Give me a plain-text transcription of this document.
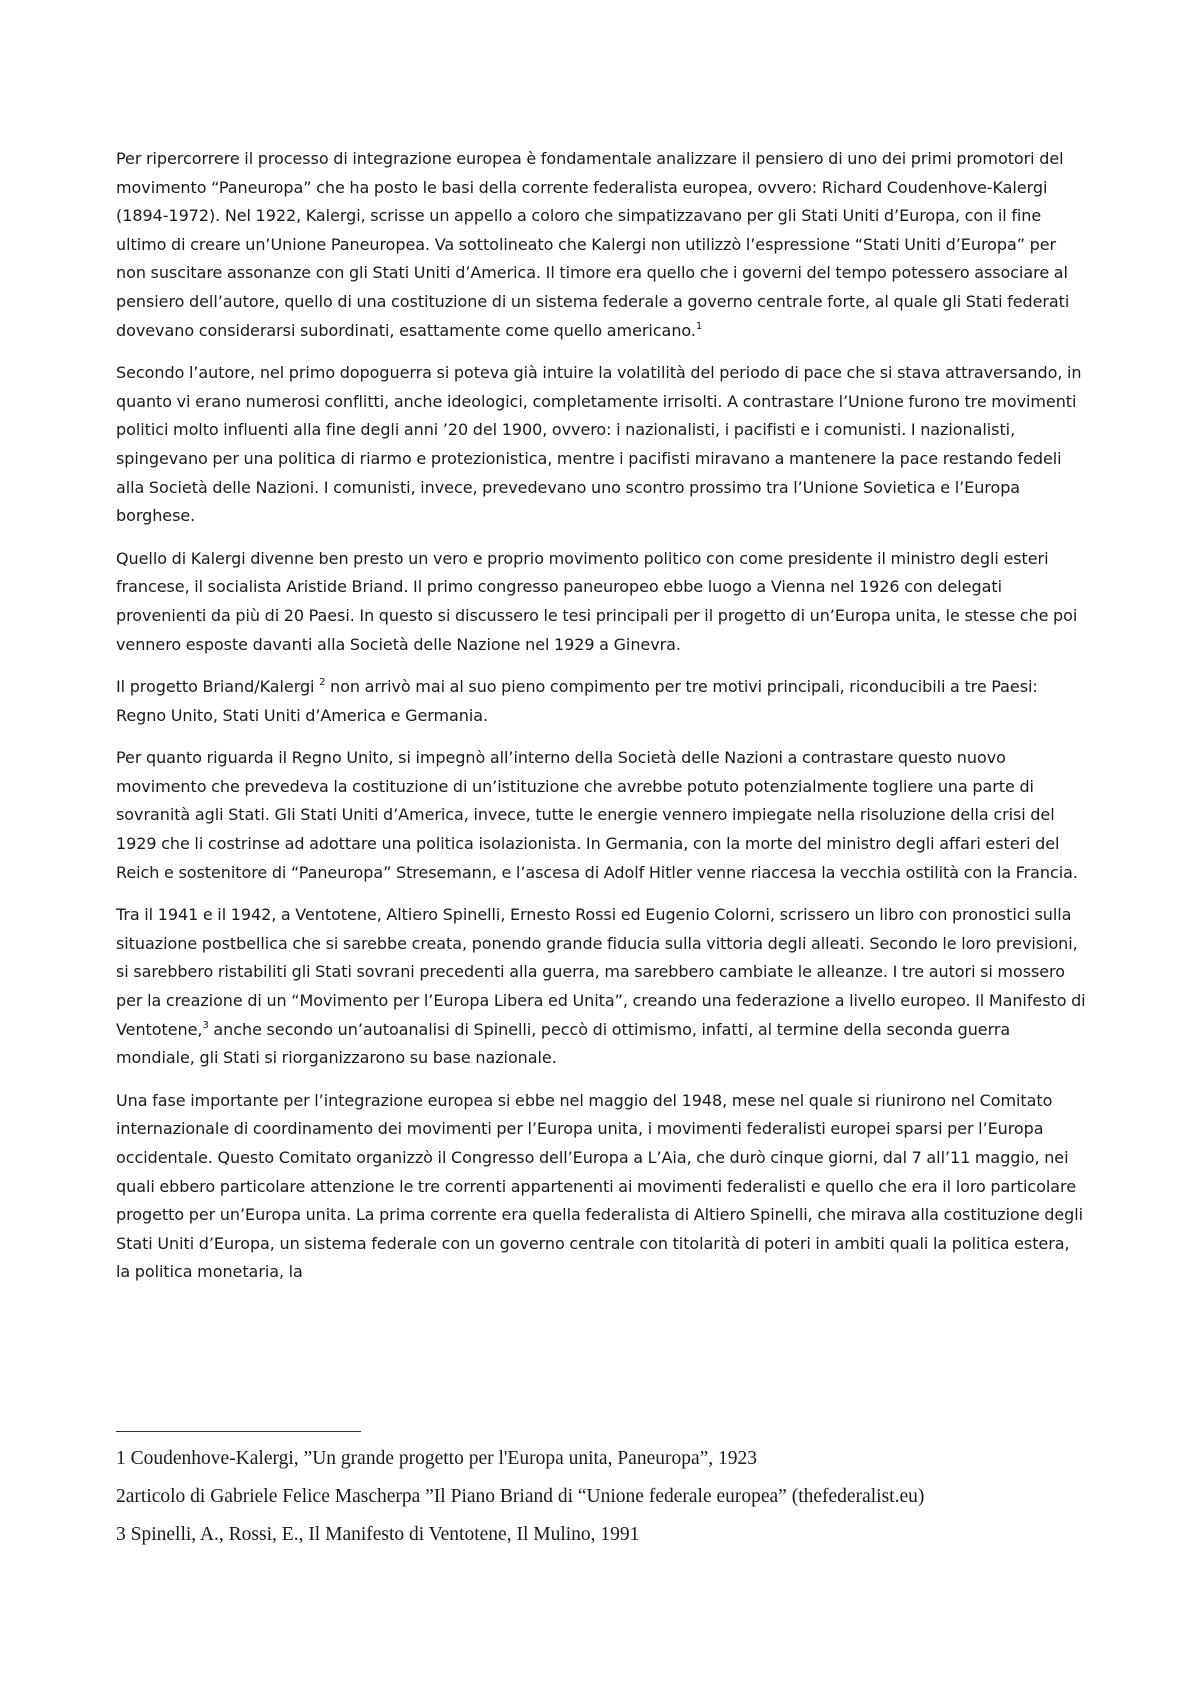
Per ripercorrere il processo di integrazione europea è fondamentale analizzare il pensiero di uno dei primi promotori del movimento “Paneuropa” che ha posto le basi della corrente federalista europea, ovvero: Richard Coudenhove-Kalergi (1894-1972). Nel 1922, Kalergi, scrisse un appello a coloro che simpatizzavano per gli Stati Uniti d’Europa, con il fine ultimo di creare un’Unione Paneuropea. Va sottolineato che Kalergi non utilizzò l’espressione “Stati Uniti d’Europa” per non suscitare assonanze con gli Stati Uniti d’America. Il timore era quello che i governi del tempo potessero associare al pensiero dell’autore, quello di una costituzione di un sistema federale a governo centrale forte, al quale gli Stati federati dovevano considerarsi subordinati, esattamente come quello americano.$^1$

Secondo l’autore, nel primo dopoguerra si poteva già intuire la volatilità del periodo di pace che si stava attraversando, in quanto vi erano numerosi conflitti, anche ideologici, completamente irrisolti. A contrastare l’Unione furono tre movimenti politici molto influenti alla fine degli anni ’20 del 1900, ovvero: i nazionalisti, i pacifisti e i comunisti. I nazionalisti, spingevano per una politica di riarmo e protezionistica, mentre i pacifisti miravano a mantenere la pace restando fedeli alla Società delle Nazioni. I comunisti, invece, prevedevano uno scontro prossimo tra l’Unione Sovietica e l’Europa borghese.

Quello di Kalergi divenne ben presto un vero e proprio movimento politico con come presidente il ministro degli esteri francese, il socialista Aristide Briand. Il primo congresso paneuropeo ebbe luogo a Vienna nel 1926 con delegati provenienti da più di 20 Paesi. In questo si discussero le tesi principali per il progetto di un’Europa unita, le stesse che poi vennero esposte davanti alla Società delle Nazione nel 1929 a Ginevra.

Il progetto Briand/Kalergi $^2$ non arrivò mai al suo pieno compimento per tre motivi principali, riconducibili a tre Paesi: Regno Unito, Stati Uniti d’America e Germania.

Per quanto riguarda il Regno Unito, si impegnò all’interno della Società delle Nazioni a contrastare questo nuovo movimento che prevedeva la costituzione di un’istituzione che avrebbe potuto potenzialmente togliere una parte di sovranità agli Stati. Gli Stati Uniti d’America, invece, tutte le energie vennero impiegate nella risoluzione della crisi del 1929 che li costrinse ad adottare una politica isolazionista. In Germania, con la morte del ministro degli affari esteri del Reich e sostenitore di “Paneuropa” Stresemann, e l’ascesa di Adolf Hitler venne riaccesa la vecchia ostilità con la Francia.

Tra il 1941 e il 1942, a Ventotene, Altiero Spinelli, Ernesto Rossi ed Eugenio Colorni, scrissero un libro con pronostici sulla situazione postbellica che si sarebbe creata, ponendo grande fiducia sulla vittoria degli alleati. Secondo le loro previsioni, si sarebbero ristabiliti gli Stati sovrani precedenti alla guerra, ma sarebbero cambiate le alleanze. I tre autori si mossero per la creazione di un “Movimento per l’Europa Libera ed Unita”, creando una federazione a livello europeo. Il Manifesto di Ventotene,$^3$ anche secondo un’autoanalisi di Spinelli, peccò di ottimismo, infatti, al termine della seconda guerra mondiale, gli Stati si riorganizzarono su base nazionale.

Una fase importante per l’integrazione europea si ebbe nel maggio del 1948, mese nel quale si riunirono nel Comitato internazionale di coordinamento dei movimenti per l’Europa unita, i movimenti federalisti europei sparsi per l’Europa occidentale. Questo Comitato organizzò il Congresso dell’Europa a L’Aia, che durò cinque giorni, dal 7 all’11 maggio, nei quali ebbero particolare attenzione le tre correnti appartenenti ai movimenti federalisti e quello che era il loro particolare progetto per un’Europa unita. La prima corrente era quella federalista di Altiero Spinelli, che mirava alla costituzione degli Stati Uniti d’Europa, un sistema federale con un governo centrale con titolarità di poteri in ambiti quali la politica estera, la politica monetaria, la

1 Coudenhove-Kalergi, ”Un grande progetto per l'Europa unita, Paneuropa”, 1923

2articolo di Gabriele Felice Mascherpa ”Il Piano Briand di “Unione federale europea” (thefederalist.eu)

3 Spinelli, A., Rossi, E., Il Manifesto di Ventotene, Il Mulino, 1991
